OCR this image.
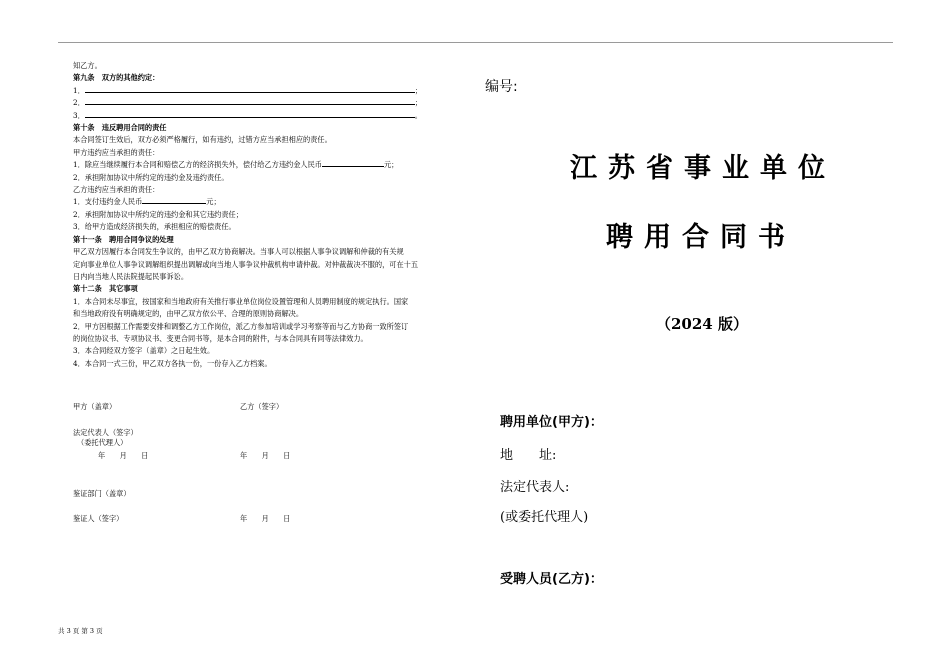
知乙方。
第九条　双方的其他约定：
1．	；
2．	；
3．	。
第十条　违反聘用合同的责任
本合同签订生效后，双方必须严格履行，如有违约，过错方应当承担相应的责任。
甲方违约应当承担的责任：
1．除应当继续履行本合同和赔偿乙方的经济损失外，偿付给乙方违约金人民币	元；
2．承担附加协议中所约定的违约金及违约责任。
乙方违约应当承担的责任：
1．支付违约金人民币	元；
2．承担附加协议中所约定的违约金和其它违约责任；
3．给甲方造成经济损失的，承担相应的赔偿责任。
第十一条　聘用合同争议的处理
甲乙双方因履行本合同发生争议的，由甲乙双方协商解决。当事人可以根据人事争议调解和仲裁的有关规
定向事业单位人事争议调解组织提出调解或向当地人事争议仲裁机构申请仲裁。对仲裁裁决不服的，可在十五
日内向当地人民法院提起民事诉讼。
第十二条　其它事项
1．本合同未尽事宜，按国家和当地政府有关推行事业单位岗位设置管理和人员聘用制度的规定执行。国家
和当地政府没有明确规定的，由甲乙双方依公平、合理的原则协商解决。
2．甲方因根据工作需要安排和调整乙方工作岗位，派乙方参加培训或学习考察等而与乙方协商一致所签订
的岗位协议书、专项协议书、变更合同书等，是本合同的附件，与本合同具有同等法律效力。
3．本合同经双方签字（盖章）之日起生效。
4．本合同一式三份，甲乙双方各执一份，一份存入乙方档案。
甲方（盖章）	乙方（签字）
法定代表人（签字）
（委托代理人）
年　　月　　日	年　　月　　日
鉴证部门（盖章）
鉴证人（签字）	年　　月　　日
共 3 页 第 3 页
编号:
江苏省事业单位
聘用合同书
（2024 版）
聘用单位(甲方)：
地　　址:
法定代表人:
(或委托代理人)
受聘人员(乙方)：
